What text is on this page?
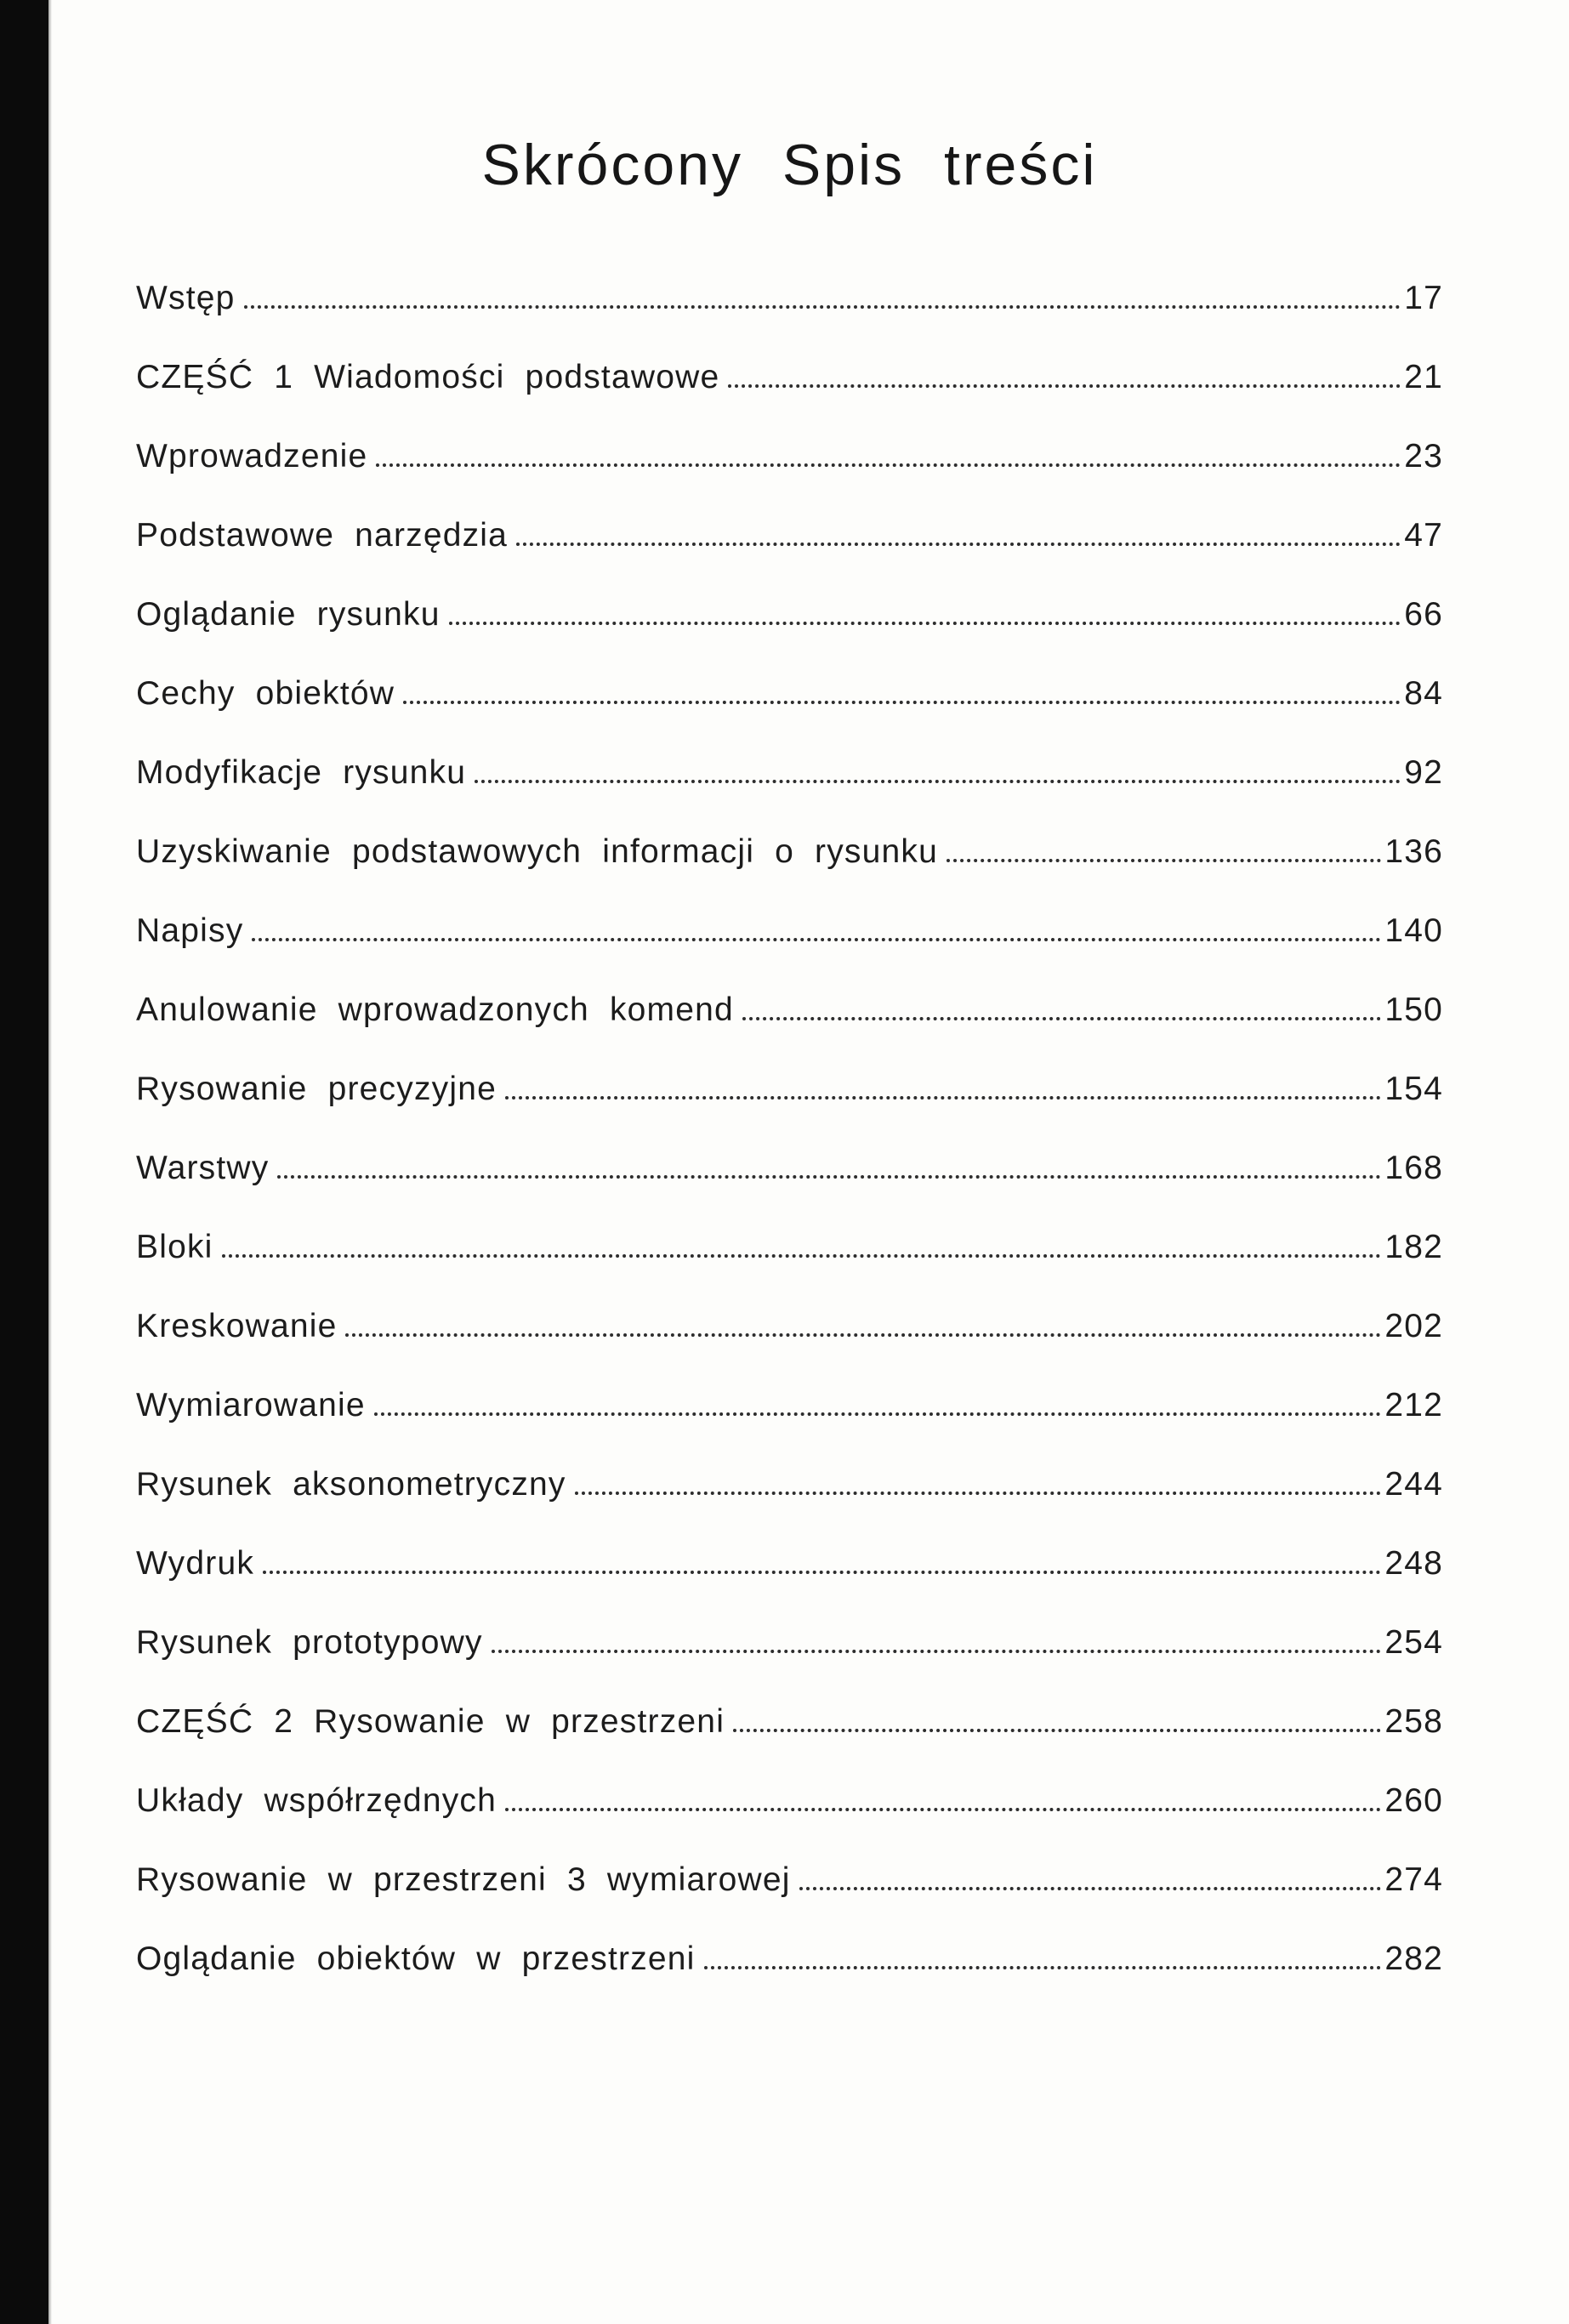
Skrócony Spis treści
Wstęp	17
CZĘŚĆ 1 Wiadomości podstawowe	21
Wprowadzenie	23
Podstawowe narzędzia	47
Oglądanie rysunku	66
Cechy obiektów	84
Modyfikacje rysunku	92
Uzyskiwanie podstawowych informacji o rysunku	136
Napisy	140
Anulowanie wprowadzonych komend	150
Rysowanie precyzyjne	154
Warstwy	168
Bloki	182
Kreskowanie	202
Wymiarowanie	212
Rysunek aksonometryczny	244
Wydruk	248
Rysunek prototypowy	254
CZĘŚĆ 2 Rysowanie w przestrzeni	258
Układy współrzędnych	260
Rysowanie w przestrzeni 3 wymiarowej	274
Oglądanie obiektów w przestrzeni	282
